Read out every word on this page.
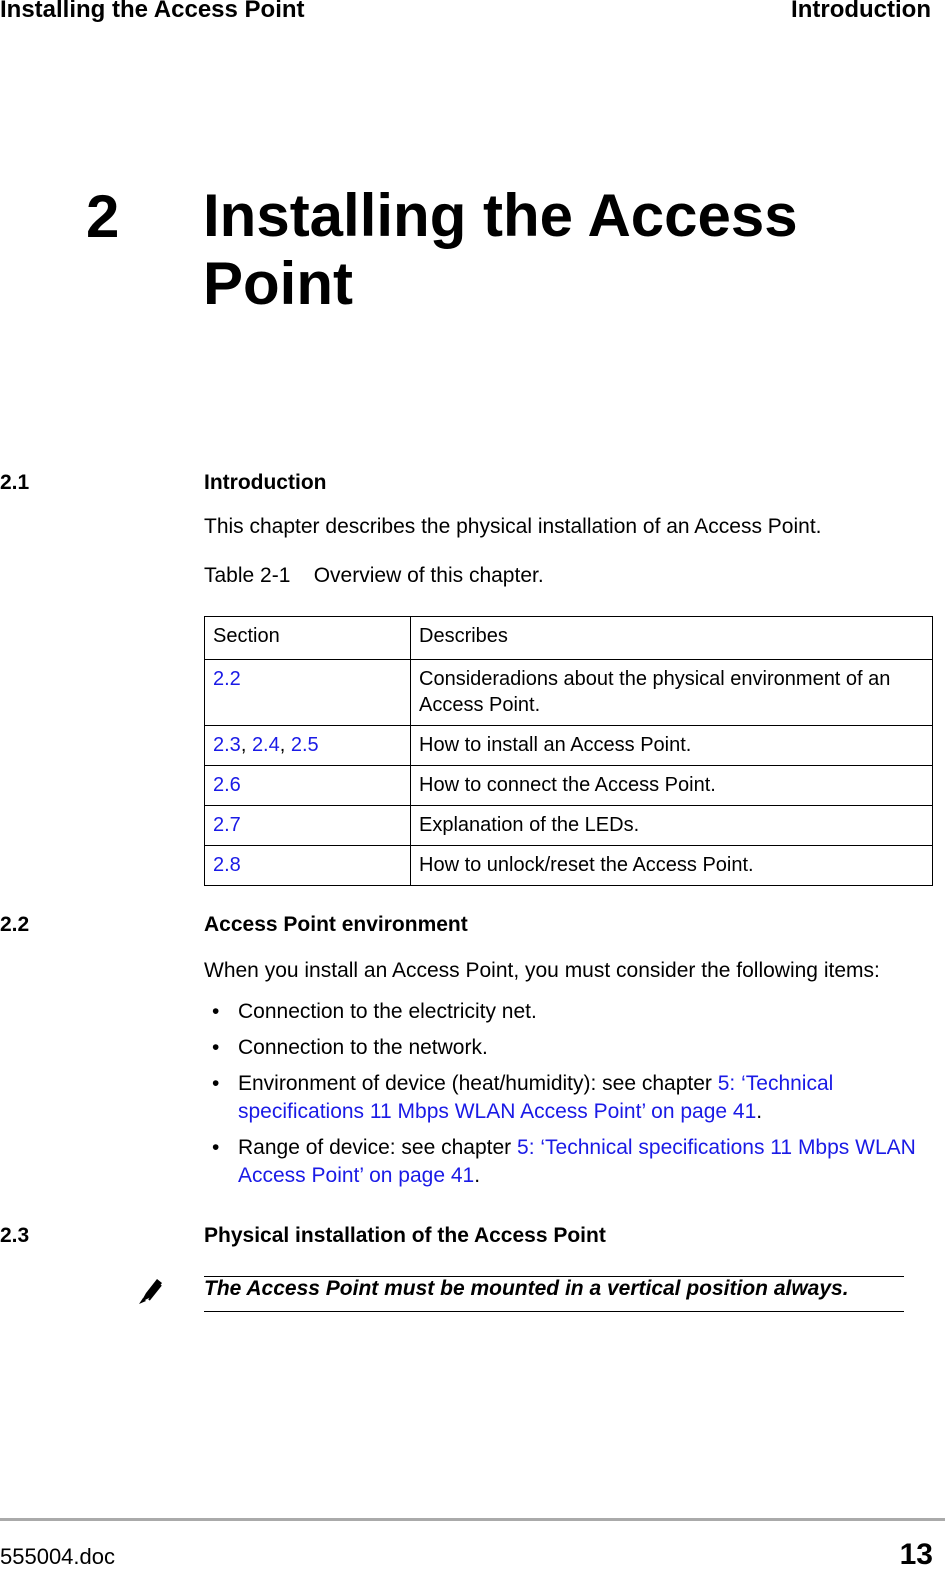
Installing the Access Point	Introduction
2 Installing the Access
Point
2.1	Introduction
This chapter describes the physical installation of an Access Point.
Table 2-1    Overview of this chapter.
Section	Describes
2.2	Consideradions about the physical environment of an Access Point.
2.3, 2.4, 2.5	How to install an Access Point.
2.6	How to connect the Access Point.
2.7	Explanation of the LEDs.
2.8	How to unlock/reset the Access Point.
2.2	Access Point environment
When you install an Access Point, you must consider the following items:
• Connection to the electricity net.
• Connection to the network.
• Environment of device (heat/humidity): see chapter 5: ‘Technical specifications 11 Mbps WLAN Access Point’ on page 41.
• Range of device: see chapter 5: ‘Technical specifications 11 Mbps WLAN Access Point’ on page 41.
2.3	Physical installation of the Access Point
The Access Point must be mounted in a vertical position always.
555004.doc	13
